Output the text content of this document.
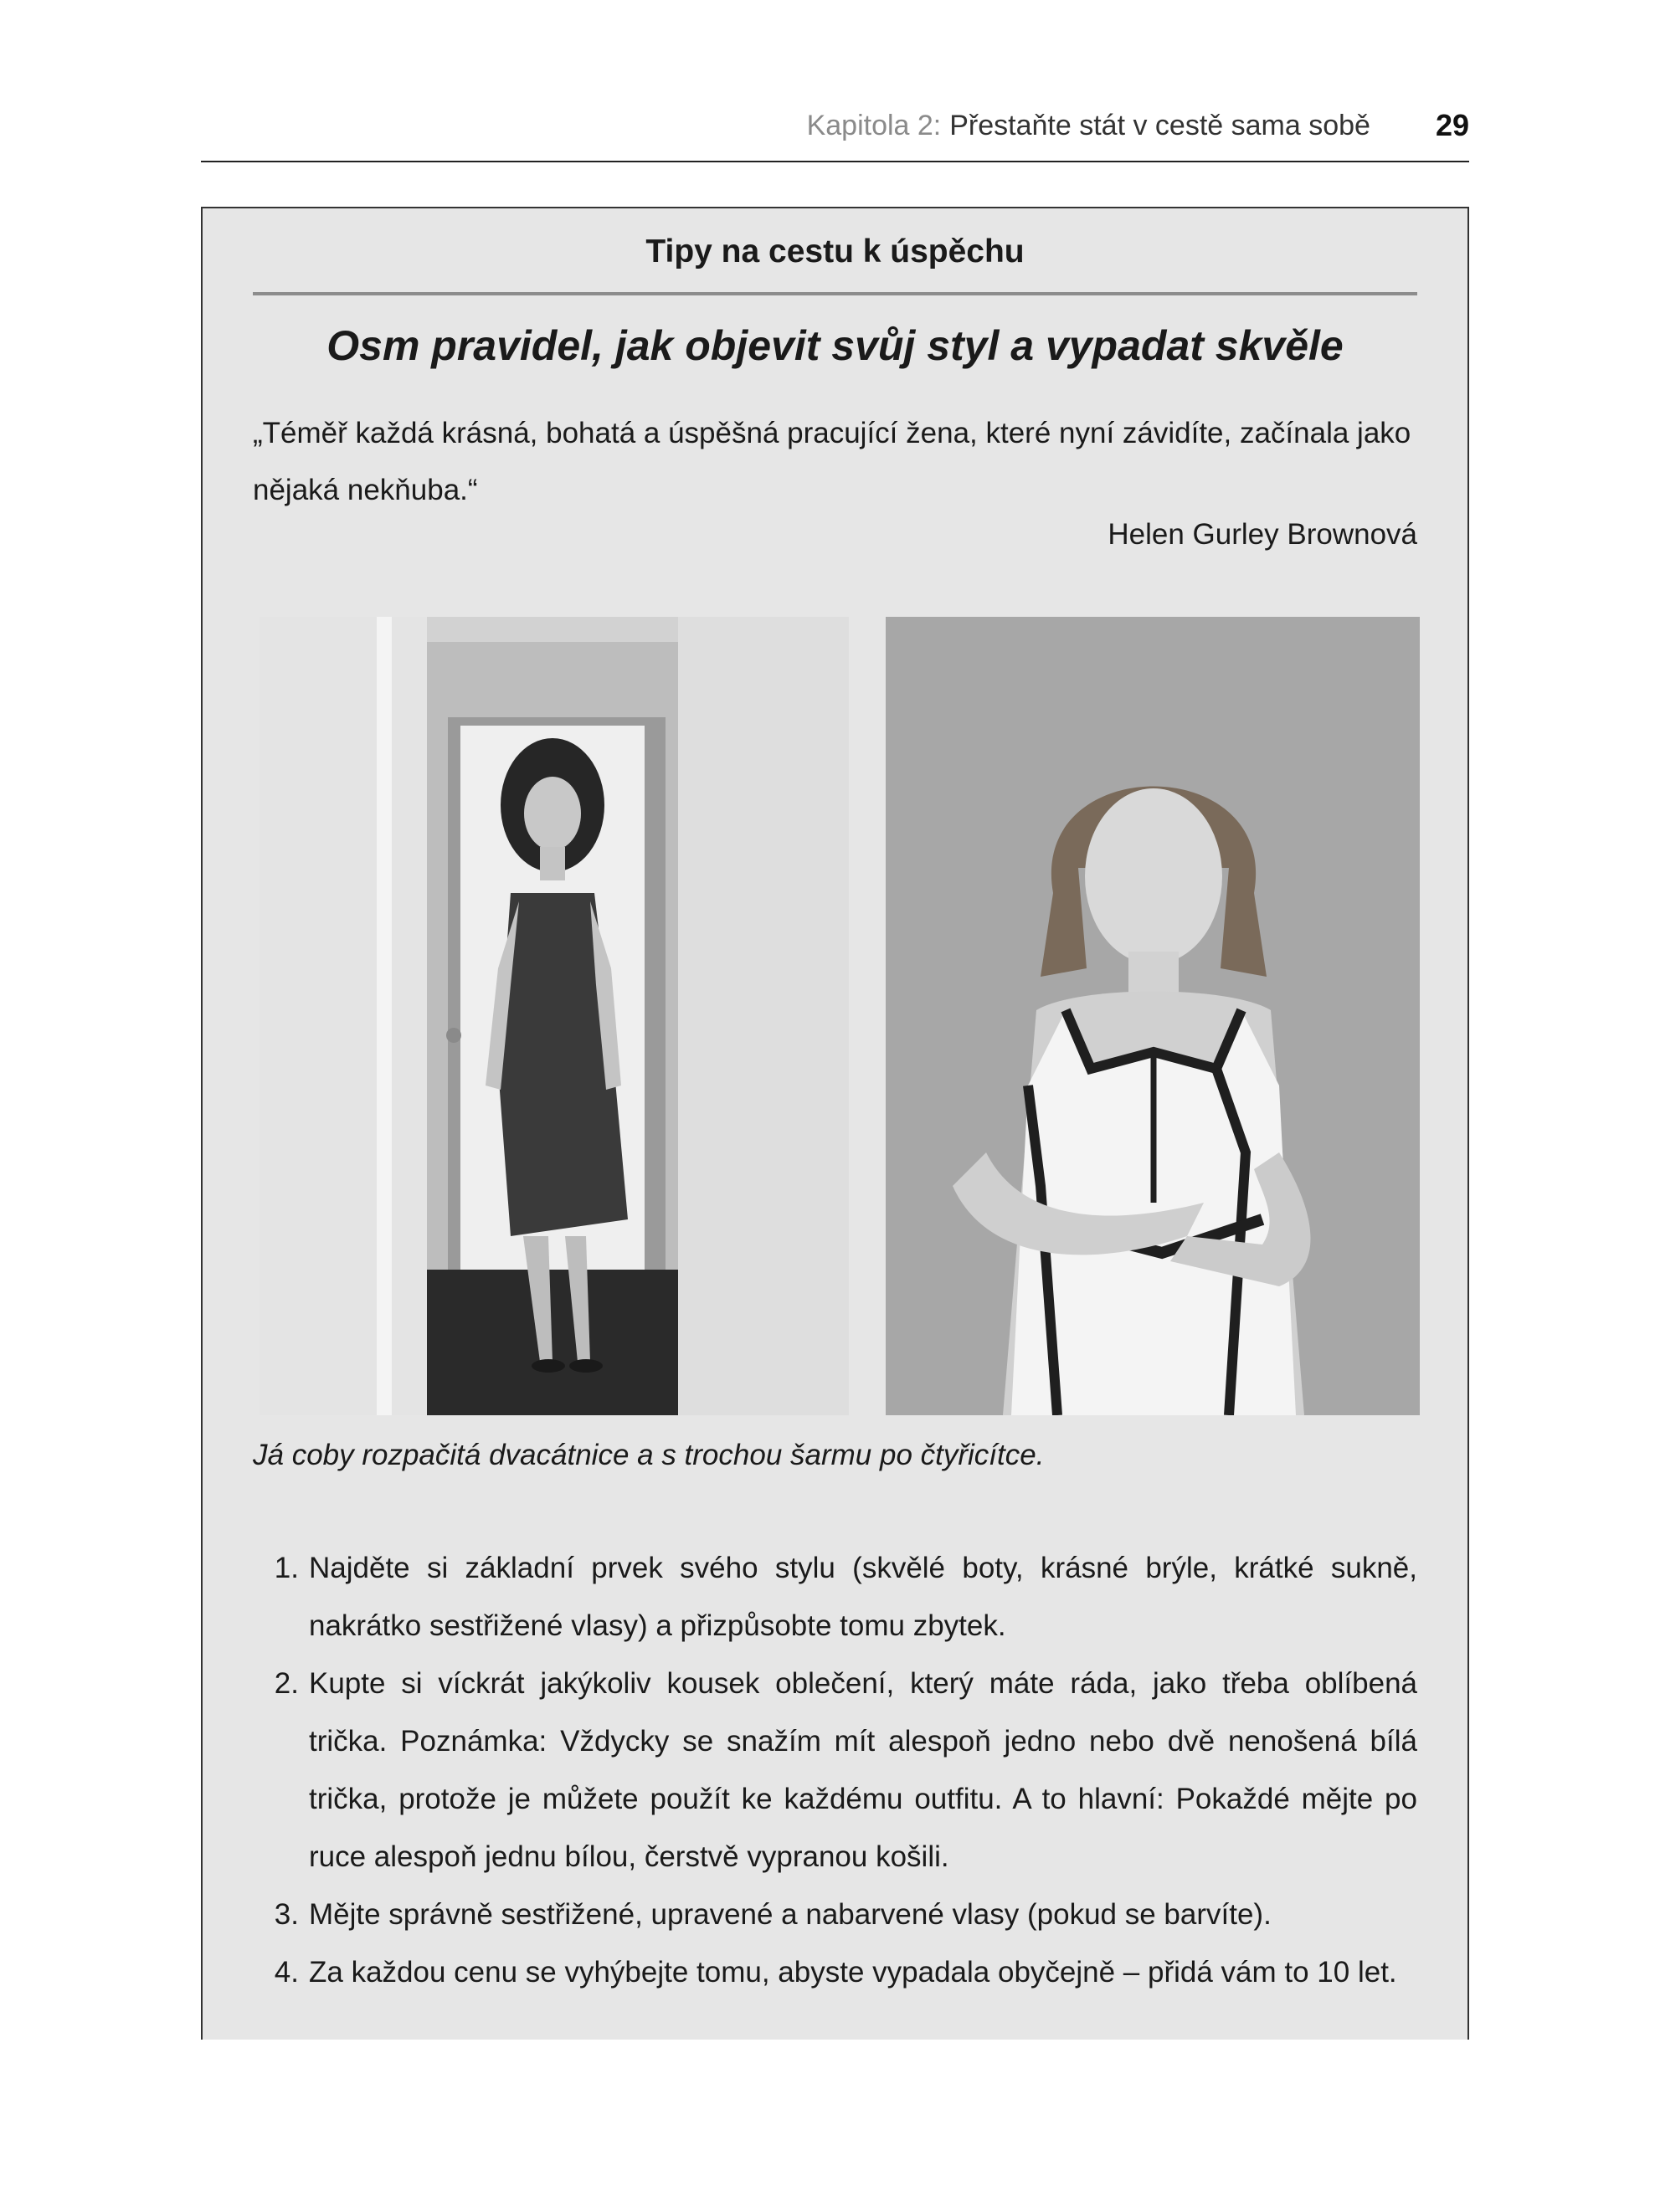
Kapitola 2: Přestaňte stát v cestě sama sobě 29
Tipy na cestu k úspěchu
Osm pravidel, jak objevit svůj styl a vypadat skvěle
„Téměř každá krásná, bohatá a úspěšná pracující žena, které nyní závidíte, začínala jako nějaká nekňuba.“
Helen Gurley Brownová
Já coby rozpačitá dvacátnice a s trochou šarmu po čtyřicítce.
1. Najděte si základní prvek svého stylu (skvělé boty, krásné brýle, krátké sukně, nakrátko sestřižené vlasy) a přizpůsobte tomu zbytek.
2. Kupte si víckrát jakýkoliv kousek oblečení, který máte ráda, jako třeba oblíbená trička. Poznámka: Vždycky se snažím mít alespoň jedno nebo dvě nenošená bílá trička, protože je můžete použít ke každému outfitu. A to hlavní: Pokaždé mějte po ruce alespoň jednu bílou, čerstvě vypranou košili.
3. Mějte správně sestřižené, upravené a nabarvené vlasy (pokud se barvíte).
4. Za každou cenu se vyhýbejte tomu, abyste vypadala obyčejně – přidá vám to 10 let.
